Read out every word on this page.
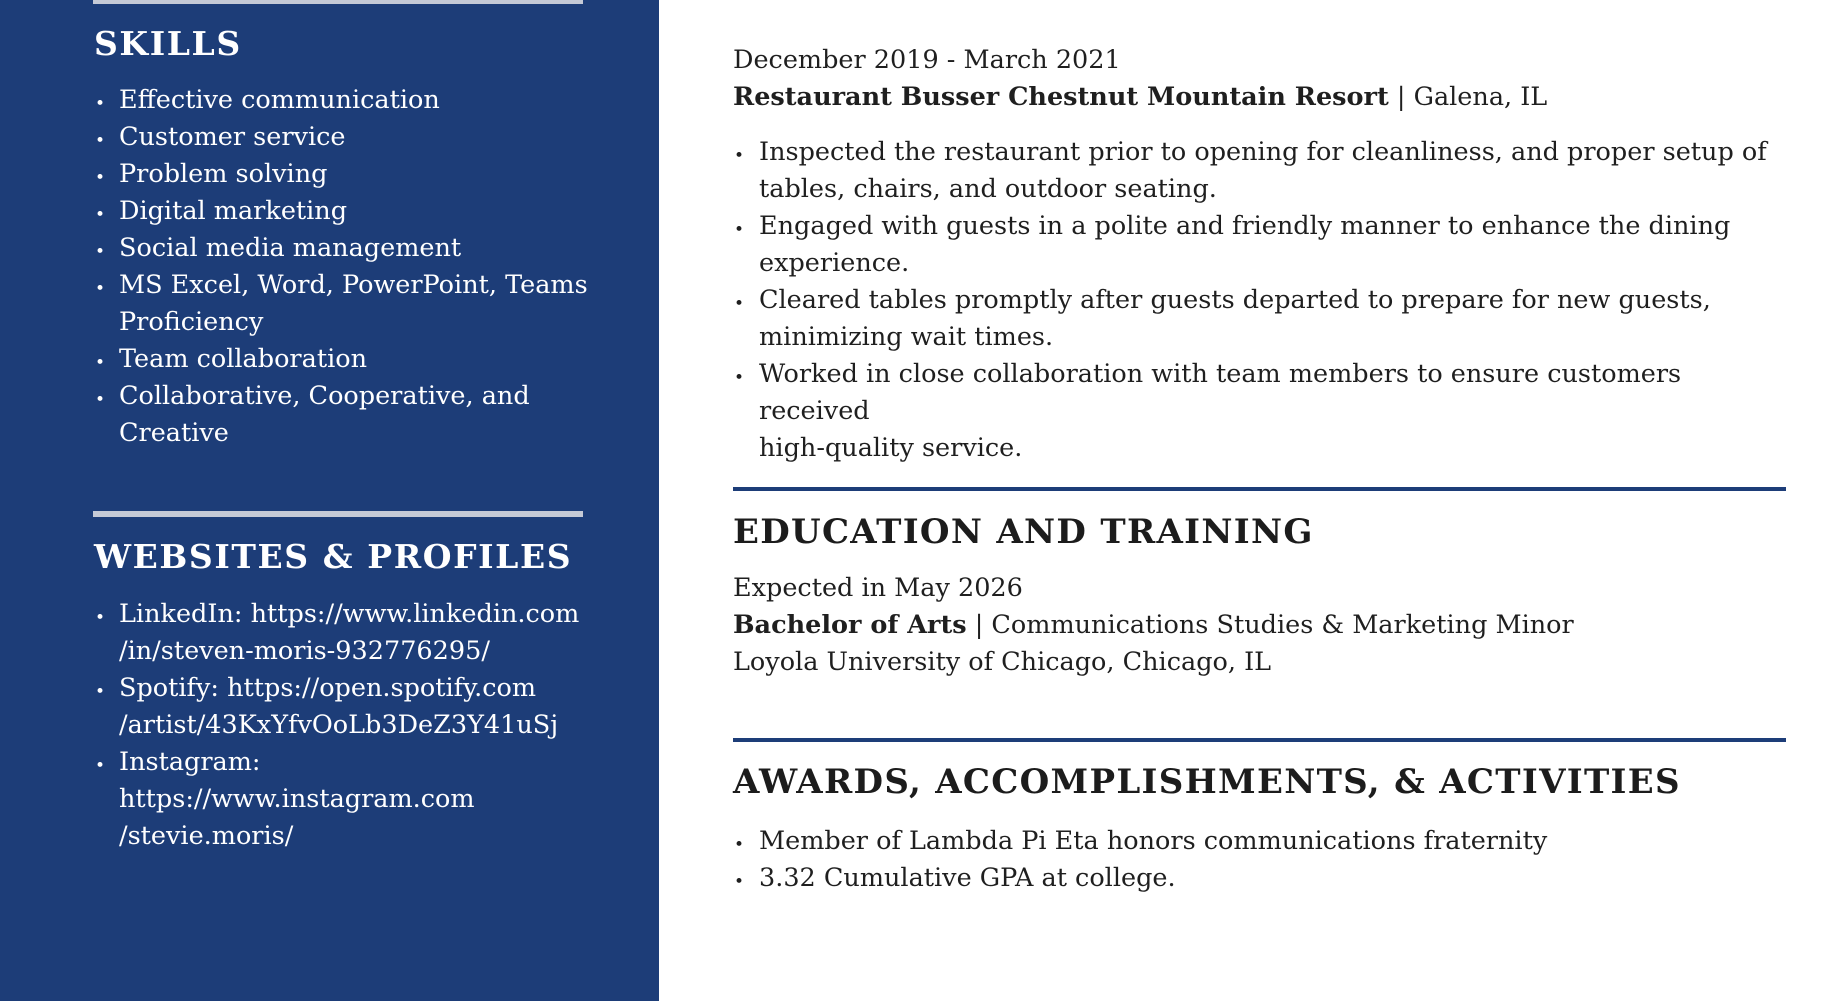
SKILLS
• Effective communication
• Customer service
• Problem solving
• Digital marketing
• Social media management
• MS Excel, Word, PowerPoint, Teams Proficiency
• Team collaboration
• Collaborative, Cooperative, and Creative
WEBSITES & PROFILES
• LinkedIn: https://www.linkedin.com
/in/steven-moris-932776295/
• Spotify: https://open.spotify.com
/artist/43KxYfvOoLb3DeZ3Y41uSj
• Instagram:
https://www.instagram.com
/stevie.moris/
December 2019 - March 2021
Restaurant Busser Chestnut Mountain Resort | Galena, IL
• Inspected the restaurant prior to opening for cleanliness, and proper setup of
tables, chairs, and outdoor seating.
• Engaged with guests in a polite and friendly manner to enhance the dining
experience.
• Cleared tables promptly after guests departed to prepare for new guests,
minimizing wait times.
• Worked in close collaboration with team members to ensure customers received
high-quality service.
EDUCATION AND TRAINING
Expected in May 2026
Bachelor of Arts | Communications Studies & Marketing Minor
Loyola University of Chicago, Chicago, IL
AWARDS, ACCOMPLISHMENTS, & ACTIVITIES
• Member of Lambda Pi Eta honors communications fraternity
• 3.32 Cumulative GPA at college.
